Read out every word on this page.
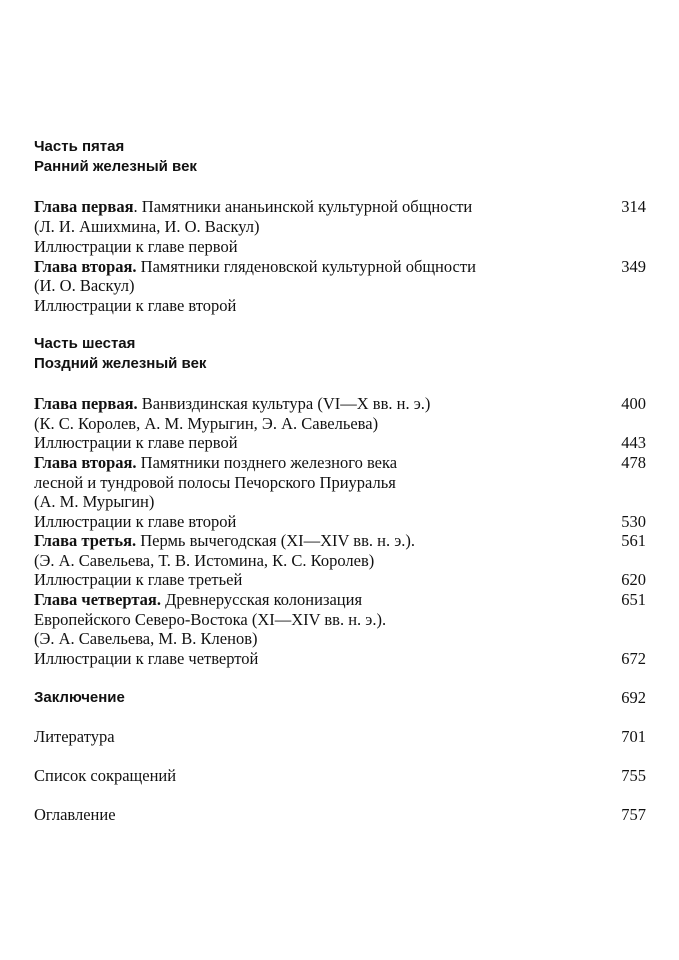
Часть пятая
Ранний железный век
Глава первая. Памятники ананьинской культурной общности	314
(Л. И. Ашихмина, И. О. Васкул)
Иллюстрации к главе первой
Глава вторая. Памятники гляденовской культурной общности	349
(И. О. Васкул)
Иллюстрации к главе второй
Часть шестая
Поздний железный век
Глава первая. Ванвиздинская культура (VI—X вв. н. э.)	400
(К. С. Королев, А. М. Мурыгин, Э. А. Савельева)
Иллюстрации к главе первой	443
Глава вторая. Памятники позднего железного века	478
лесной и тундровой полосы Печорского Приуралья
(А. М. Мурыгин)
Иллюстрации к главе второй	530
Глава третья. Пермь вычегодская (XI—XIV вв. н. э.).	561
(Э. А. Савельева, Т. В. Истомина, К. С. Королев)
Иллюстрации к главе третьей	620
Глава четвертая. Древнерусская колонизация	651
Европейского Северо-Востока (XI—XIV вв. н. э.).
(Э. А. Савельева, М. В. Кленов)
Иллюстрации к главе четвертой	672
Заключение	692
Литература	701
Список сокращений	755
Оглавление	757
